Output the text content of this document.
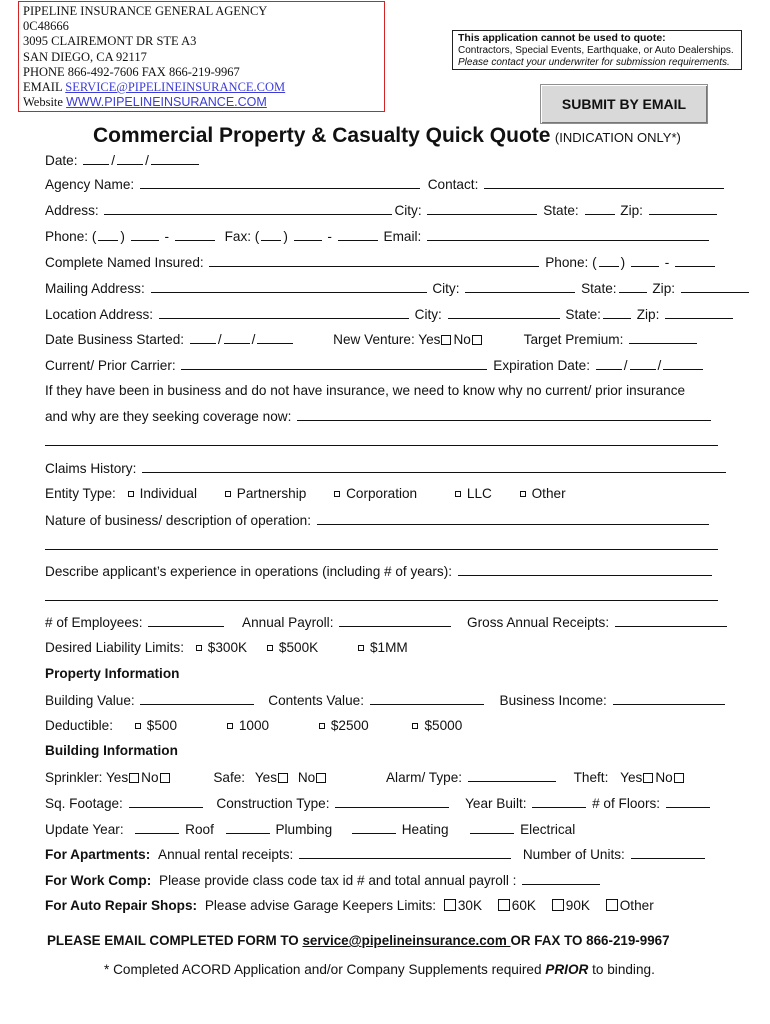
PIPELINE INSURANCE GENERAL AGENCY
0C48666
3095 CLAIREMONT DR STE A3
SAN DIEGO, CA 92117
PHONE 866-492-7606 FAX 866-219-9967
EMAIL SERVICE@PIPELINEINSURANCE.COM
Website WWW.PIPELINEINSURANCE.COM
This application cannot be used to quote:
Contractors, Special Events, Earthquake, or Auto Dealerships.
Please contact your underwriter for submission requirements.
SUBMIT BY EMAIL
Commercial Property & Casualty Quick Quote (INDICATION ONLY*)
Date: / /
Agency Name:	Contact:
Address:	City:	State:	Zip:
Phone: ( )  -	Fax: ( )  -	Email:
Complete Named Insured:	Phone: ( )  -
Mailing Address:	City:	State:	Zip:
Location Address:	City:	State:	Zip:
Date Business Started: / /	New Venture: Yes No	Target Premium:
Current/ Prior Carrier:	Expiration Date: / /
If they have been in business and do not have insurance, we need to know why no current/ prior insurance
and why are they seeking coverage now:
Claims History:
Entity Type: Individual	Partnership	Corporation	LLC	Other
Nature of business/ description of operation:
Describe applicant’s experience in operations (including # of years):
# of Employees:	Annual Payroll:	Gross Annual Receipts:
Desired Liability Limits: $300K $500K	$1MM
Property Information
Building Value:	Contents Value:	Business Income:
Deductible: $500	1000	$2500	$5000
Building Information
Sprinkler: Yes No	Safe: Yes No	Alarm/ Type:	Theft: Yes No
Sq. Footage:	Construction Type:	Year Built:	# of Floors:
Update Year:	Roof	Plumbing	Heating	Electrical
For Apartments: Annual rental receipts:	Number of Units:
For Work Comp: Please provide class code tax id # and total annual payroll :
For Auto Repair Shops: Please advise Garage Keepers Limits: 30K 60K 90K Other
PLEASE EMAIL COMPLETED FORM TO service@pipelineinsurance.com OR FAX TO 866-219-9967
* Completed ACORD Application and/or Company Supplements required PRIOR to binding.
